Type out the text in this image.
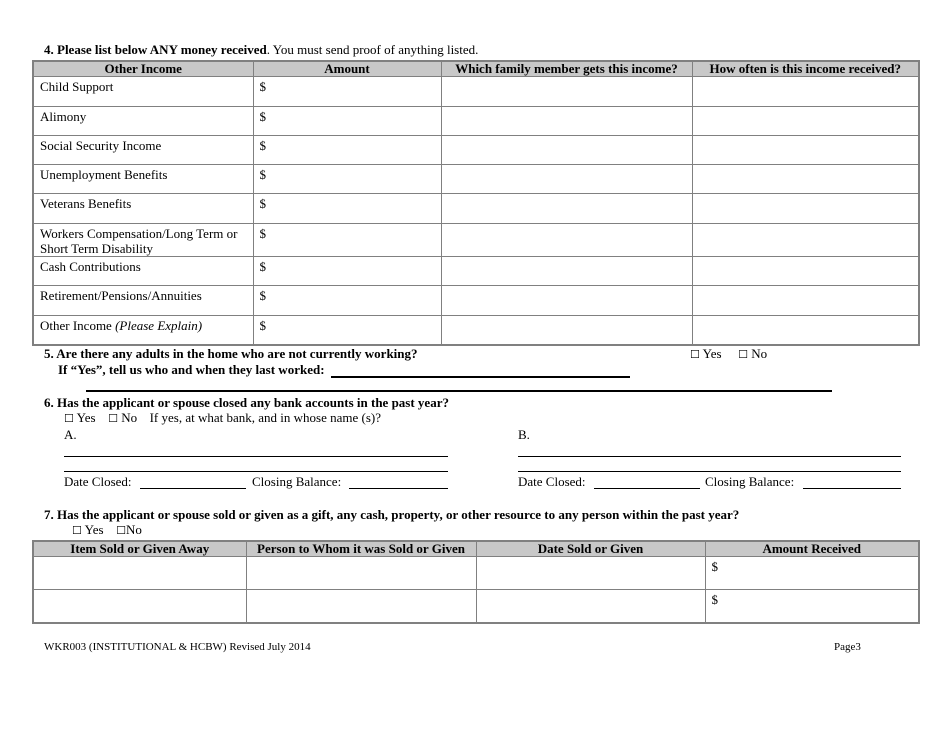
4. Please list below ANY money received. You must send proof of anything listed.
Other Income	Amount	Which family member gets this income?	How often is this income received?
Child Support	$		
Alimony	$		
Social Security Income	$		
Unemployment Benefits	$		
Veterans Benefits	$		
Workers Compensation/Long Term or Short Term Disability	$		
Cash Contributions	$		
Retirement/Pensions/Annuities	$		
Other Income (Please Explain)	$		
5. Are there any adults in the home who are not currently working?	☐ Yes ☐ No
If “Yes”, tell us who and when they last worked:
6. Has the applicant or spouse closed any bank accounts in the past year?
☐ Yes ☐ No If yes, at what bank, and in whose name (s)?
A.	B.
Date Closed:	Closing Balance:	Date Closed:	Closing Balance:
7. Has the applicant or spouse sold or given as a gift, any cash, property, or other resource to any person within the past year?
☐ Yes ☐No
Item Sold or Given Away	Person to Whom it was Sold or Given	Date Sold or Given	Amount Received
			$
			$
WKR003 (INSTITUTIONAL & HCBW) Revised July 2014	Page3
